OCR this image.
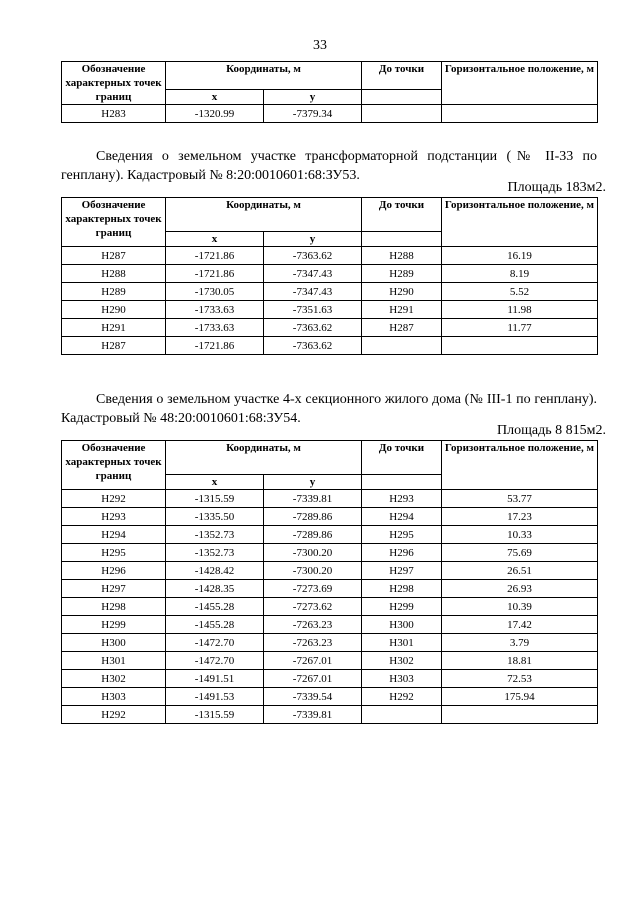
33
Обозначение характерных точек границ	Координаты, м		До точки	Горизонтальное положение, м
	x	y		
Н283	-1320.99	-7379.34		
Сведения о земельном участке трансформаторной подстанции (№ II-33 по генплану). Кадастровый № 8:20:0010601:68:ЗУ53.
Площадь 183м2.
Обозначение характерных точек границ	Координаты, м		До точки	Горизонтальное положение, м
	x	y		
Н287	-1721.86	-7363.62	Н288	16.19
Н288	-1721.86	-7347.43	Н289	8.19
Н289	-1730.05	-7347.43	Н290	5.52
Н290	-1733.63	-7351.63	Н291	11.98
Н291	-1733.63	-7363.62	Н287	11.77
Н287	-1721.86	-7363.62		
Сведения о земельном участке 4-х секционного жилого дома (№ III-1 по генплану). Кадастровый № 48:20:0010601:68:ЗУ54.
Площадь 8 815м2.
Обозначение характерных точек границ	Координаты, м		До точки	Горизонтальное положение, м
	x	y		
Н292	-1315.59	-7339.81	Н293	53.77
Н293	-1335.50	-7289.86	Н294	17.23
Н294	-1352.73	-7289.86	Н295	10.33
Н295	-1352.73	-7300.20	Н296	75.69
Н296	-1428.42	-7300.20	Н297	26.51
Н297	-1428.35	-7273.69	Н298	26.93
Н298	-1455.28	-7273.62	Н299	10.39
Н299	-1455.28	-7263.23	Н300	17.42
Н300	-1472.70	-7263.23	Н301	3.79
Н301	-1472.70	-7267.01	Н302	18.81
Н302	-1491.51	-7267.01	Н303	72.53
Н303	-1491.53	-7339.54	Н292	175.94
Н292	-1315.59	-7339.81		
